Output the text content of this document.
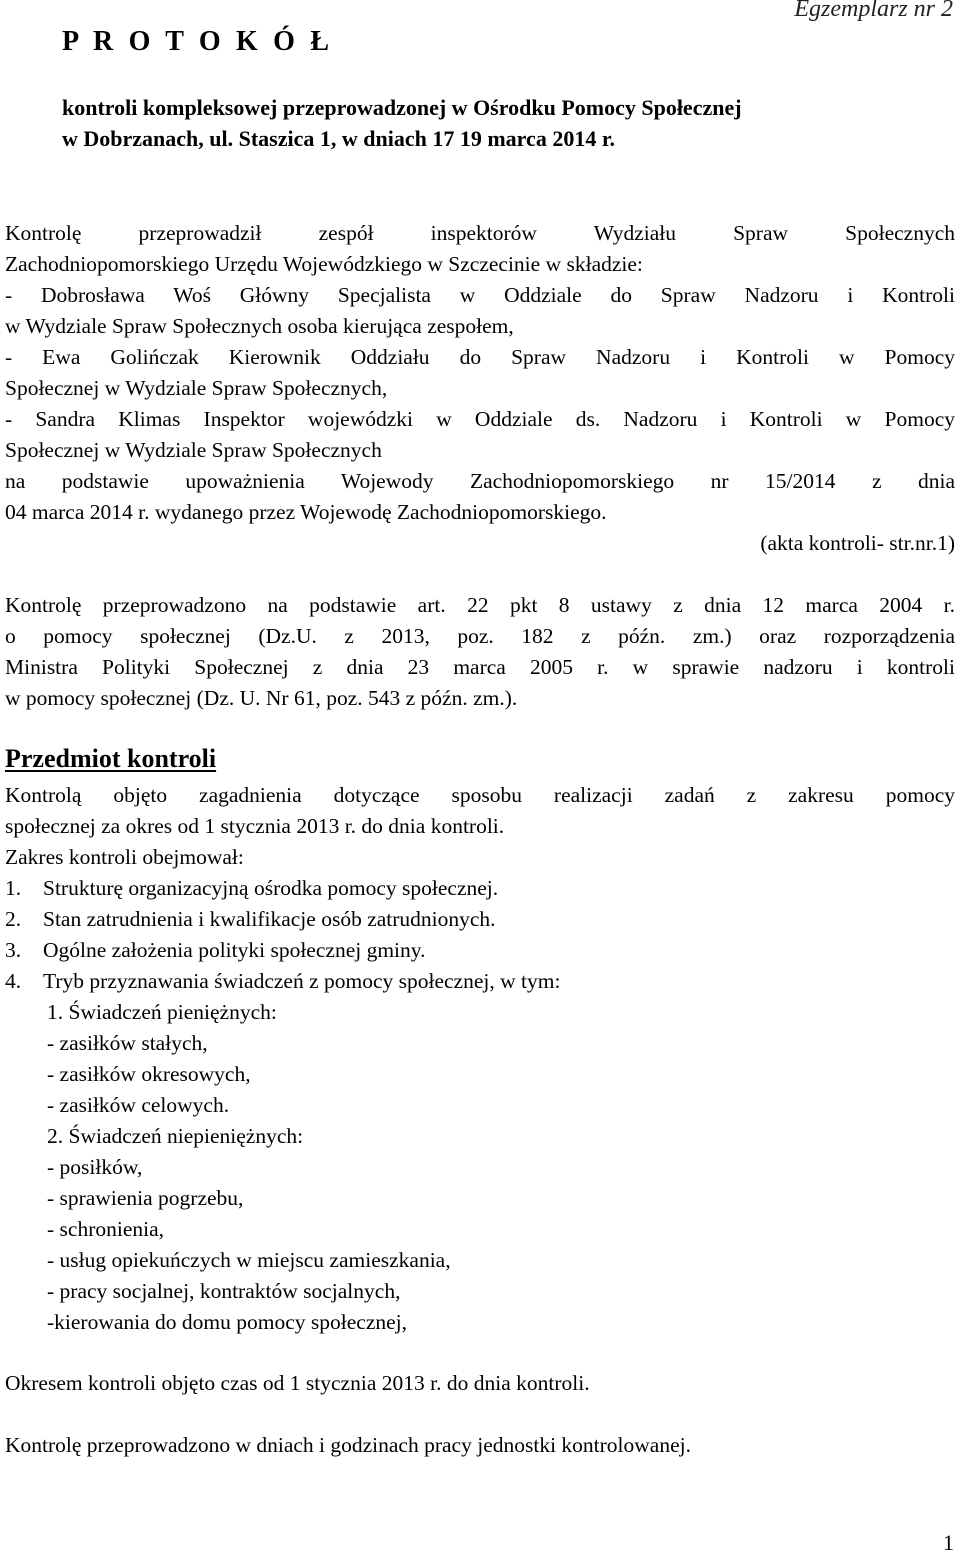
Egzemplarz nr 2
P R O T O K Ó Ł
kontroli kompleksowej przeprowadzonej w Ośrodku Pomocy Społecznej
w Dobrzanach, ul. Staszica 1, w dniach 17 19 marca 2014 r.
Kontrolę przeprowadził zespół inspektorów Wydziału Spraw Społecznych
Zachodniopomorskiego Urzędu Wojewódzkiego w Szczecinie w składzie:
- Dobrosława Woś Główny Specjalista w Oddziale do Spraw Nadzoru i Kontroli
w Wydziale Spraw Społecznych osoba kierująca zespołem,
- Ewa Golińczak Kierownik Oddziału do Spraw Nadzoru i Kontroli w Pomocy
Społecznej w Wydziale Spraw Społecznych,
- Sandra Klimas Inspektor wojewódzki w Oddziale ds. Nadzoru i Kontroli w Pomocy
Społecznej w Wydziale Spraw Społecznych
na podstawie upoważnienia Wojewody Zachodniopomorskiego nr 15/2014 z dnia
04 marca 2014 r. wydanego przez Wojewodę Zachodniopomorskiego.
(akta kontroli- str.nr.1)
Kontrolę przeprowadzono na podstawie art. 22 pkt 8 ustawy z dnia 12 marca 2004 r.
o pomocy społecznej (Dz.U. z 2013, poz. 182 z późn. zm.) oraz rozporządzenia
Ministra Polityki Społecznej z dnia 23 marca 2005 r. w sprawie nadzoru i kontroli
w pomocy społecznej (Dz. U. Nr 61, poz. 543 z późn. zm.).
Przedmiot kontroli
Kontrolą objęto zagadnienia dotyczące sposobu realizacji zadań z zakresu pomocy
społecznej za okres od 1 stycznia 2013 r. do dnia kontroli.
Zakres kontroli obejmował:
1. Strukturę organizacyjną ośrodka pomocy społecznej.
2. Stan zatrudnienia i kwalifikacje osób zatrudnionych.
3. Ogólne założenia polityki społecznej gminy.
4. Tryb przyznawania świadczeń z pomocy społecznej, w tym:
1. Świadczeń pieniężnych:
- zasiłków stałych,
- zasiłków okresowych,
- zasiłków celowych.
2. Świadczeń niepieniężnych:
- posiłków,
- sprawienia pogrzebu,
- schronienia,
- usług opiekuńczych w miejscu zamieszkania,
- pracy socjalnej, kontraktów socjalnych,
-kierowania do domu pomocy społecznej,
Okresem kontroli objęto czas od 1 stycznia 2013 r. do dnia kontroli.
Kontrolę przeprowadzono w dniach i godzinach pracy jednostki kontrolowanej.
1
